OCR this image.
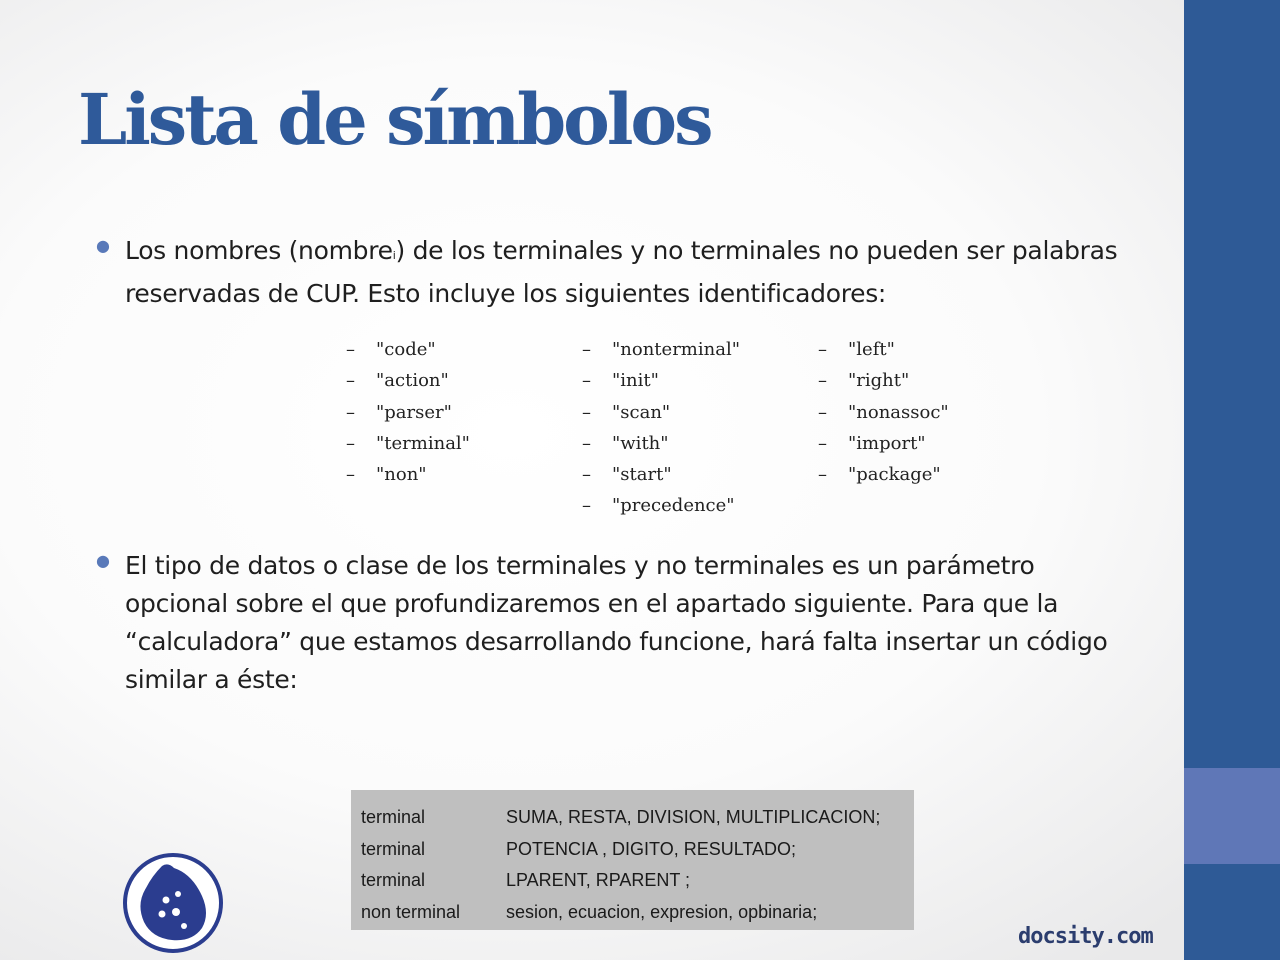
Lista de símbolos
● Los nombres (nombrei) de los terminales y no terminales no pueden ser palabras reservadas de CUP. Esto incluye los siguientes identificadores:

– "code"
– "action"
– "parser"
– "terminal"
– "non"
– "nonterminal"
– "init"
– "scan"
– "with"
– "start"
– "precedence"
– "left"
– "right"
– "nonassoc"
– "import"
– "package"
● El tipo de datos o clase de los terminales y no terminales es un parámetro opcional sobre el que profundizaremos en el apartado siguiente. Para que la “calculadora” que estamos desarrollando funcione, hará falta insertar un código similar a éste:

terminal	SUMA, RESTA, DIVISION, MULTIPLICACION;
terminal	POTENCIA , DIGITO, RESULTADO;
terminal	LPARENT, RPARENT ;
non terminal	sesion, ecuacion, expresion, opbinaria;
docsity.com
